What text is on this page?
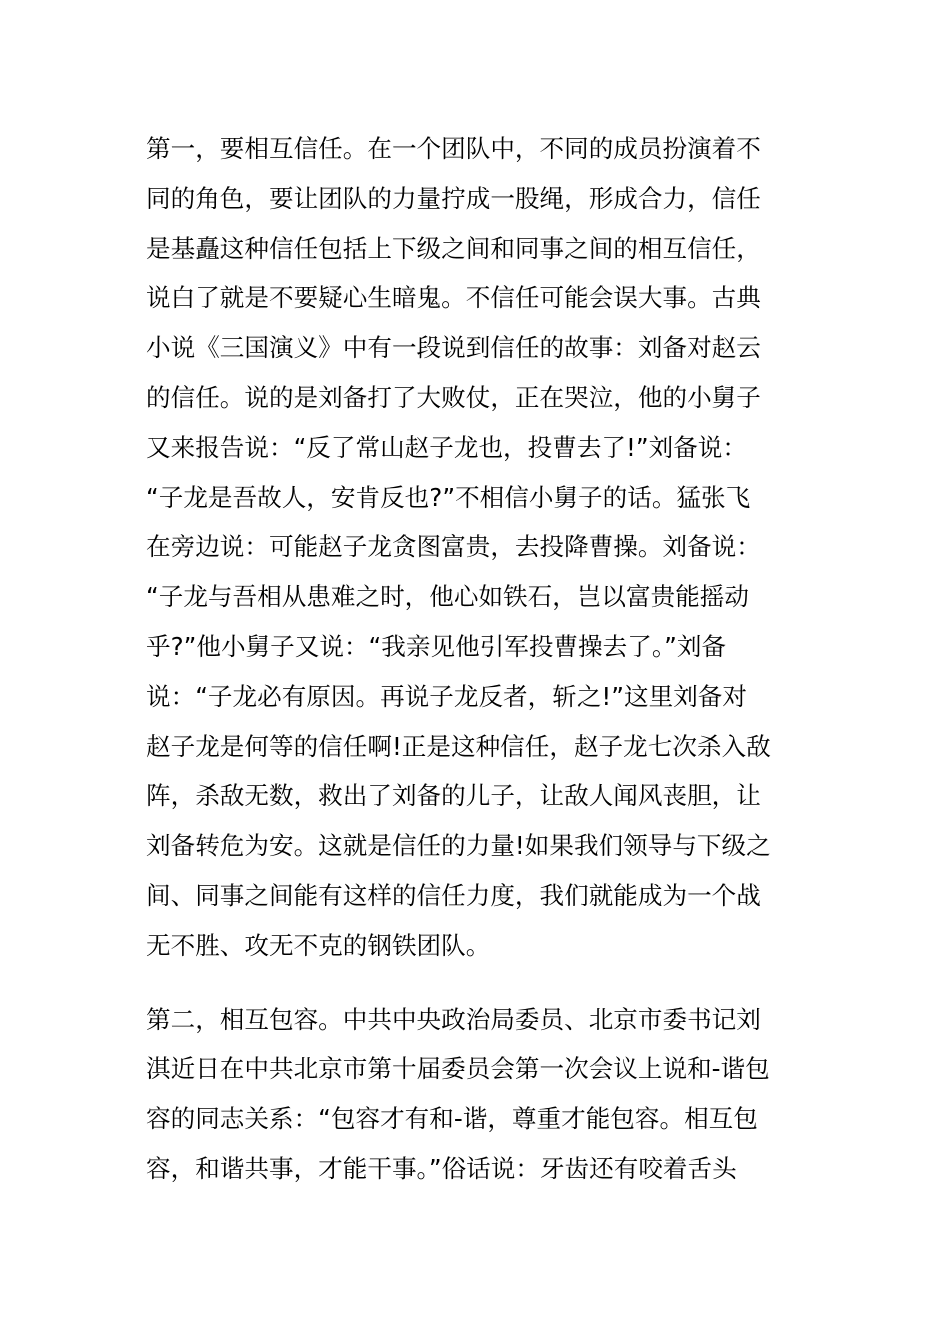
第一，要相互信任。在一个团队中，不同的成员扮演着不
同的角色，要让团队的力量拧成一股绳，形成合力，信任
是基矗这种信任包括上下级之间和同事之间的相互信任，
说白了就是不要疑心生暗鬼。不信任可能会误大事。古典
小说《三国演义》中有一段说到信任的故事：刘备对赵云
的信任。说的是刘备打了大败仗，正在哭泣，他的小舅子
又来报告说：“反了常山赵子龙也，投曹去了!”刘备说：
“子龙是吾故人，安肯反也?”不相信小舅子的话。猛张飞
在旁边说：可能赵子龙贪图富贵，去投降曹操。刘备说：
“子龙与吾相从患难之时，他心如铁石，岂以富贵能摇动
乎?”他小舅子又说：“我亲见他引军投曹操去了。”刘备
说：“子龙必有原因。再说子龙反者，斩之!”这里刘备对
赵子龙是何等的信任啊!正是这种信任，赵子龙七次杀入敌
阵，杀敌无数，救出了刘备的儿子，让敌人闻风丧胆，让
刘备转危为安。这就是信任的力量!如果我们领导与下级之
间、同事之间能有这样的信任力度，我们就能成为一个战
无不胜、攻无不克的钢铁团队。

第二，相互包容。中共中央政治局委员、北京市委书记刘
淇近日在中共北京市第十届委员会第一次会议上说和-谐包
容的同志关系：“包容才有和-谐，尊重才能包容。相互包
容，和谐共事，才能干事。”俗话说：牙齿还有咬着舌头
